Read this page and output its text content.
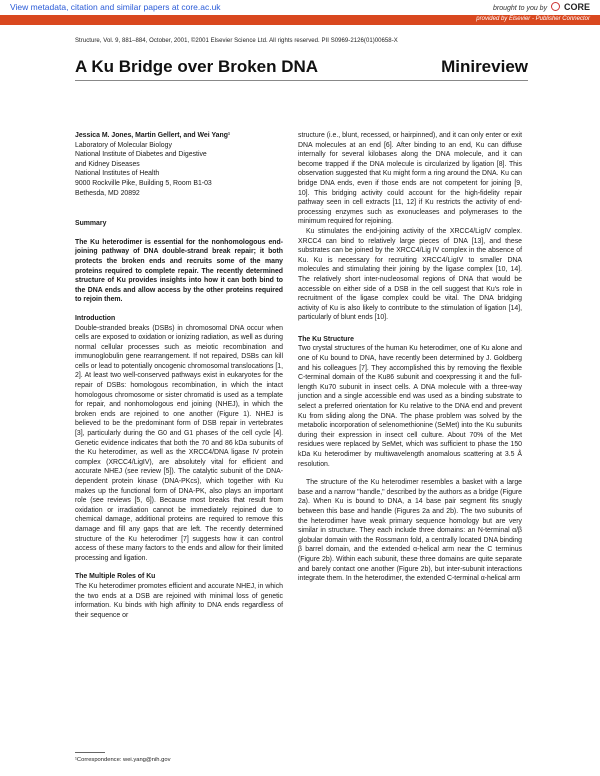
View metadata, citation and similar papers at core.ac.uk	brought to you by CORE
provided by Elsevier - Publisher Connector
Structure, Vol. 9, 881–884, October, 2001, ©2001 Elsevier Science Ltd. All rights reserved. PII S0969-2126(01)00658-X
A Ku Bridge over Broken DNA	Minireview

Jessica M. Jones, Martin Gellert, and Wei Yang¹

Laboratory of Molecular Biology

National Institute of Diabetes and Digestive

and Kidney Diseases

National Institutes of Health

9000 Rockville Pike, Building 5, Room B1-03

Bethesda, MD 20892

Summary

The Ku heterodimer is essential for the nonhomologous end-joining pathway of DNA double-strand break repair; it both protects the broken ends and recruits some of the many proteins required to complete repair. The recently determined structure of Ku provides insights into how it can both bind to the DNA ends and allow access by the other proteins required to rejoin them.

Introduction

Double-stranded breaks (DSBs) in chromosomal DNA occur when cells are exposed to oxidation or ionizing radiation, as well as during normal cellular processes such as meiotic recombination and immunoglobulin gene rearrangement. If not repaired, DSBs can kill cells or lead to potentially oncogenic chromosomal translocations [1, 2]. At least two well-conserved pathways exist in eukaryotes for the repair of DSBs: homologous recombination, in which the intact homologous chromosome or sister chromatid is used as a template for repair, and nonhomologous end joining (NHEJ), in which the broken ends are rejoined to one another (Figure 1). NHEJ is believed to be the predominant form of DSB repair in vertebrates [3], particularly during the G0 and G1 phases of the cell cycle [4]. Genetic evidence indicates that both the 70 and 86 kDa subunits of the Ku heterodimer, as well as the XRCC4/DNA ligase IV protein complex (XRCC4/LigIV), are absolutely vital for efficient and accurate NHEJ (see review [5]). The catalytic subunit of the DNA-dependent protein kinase (DNA-PKcs), which together with Ku makes up the functional form of DNA-PK, also plays an important role (see reviews [5, 6]). Because most breaks that result from oxidation or irradiation cannot be immediately rejoined due to chemical damage, additional proteins are required to remove this damage and fill any gaps that are left. The recently determined structure of the Ku heterodimer [7] suggests how it can control access of these many factors to the ends and allow for their limited processing and ligation.

The Multiple Roles of Ku

The Ku heterodimer promotes efficient and accurate NHEJ, in which the two ends at a DSB are rejoined with minimal loss of genetic information. Ku binds with high affinity to DNA ends regardless of their sequence or

structure (i.e., blunt, recessed, or hairpinned), and it can only enter or exit DNA molecules at an end [6]. After binding to an end, Ku can diffuse internally for several kilobases along the DNA molecule, and it can become trapped if the DNA molecule is circularized by ligation [8]. This observation suggested that Ku might form a ring around the DNA. Ku can bridge DNA ends, even if those ends are not competent for joining [9, 10]. This bridging activity could account for the high-fidelity repair pathway seen in cell extracts [11, 12] if Ku restricts the activity of end-processing enzymes such as exonucleases and polymerases to the minimum required for rejoining.

Ku stimulates the end-joining activity of the XRCC4/LigIV complex. XRCC4 can bind to relatively large pieces of DNA [13], and these substrates can be joined by the XRCC4/Lig IV complex in the absence of Ku. Ku is necessary for recruiting XRCC4/LigIV to smaller DNA molecules and stimulating their joining by the ligase complex [10, 14]. The relatively short inter-nucleosomal regions of DNA that would be accessible on either side of a DSB in the cell suggest that Ku's role in recruitment of the ligase complex could be vital. The DNA bridging activity of Ku is also likely to contribute to the stimulation of ligation [14], particularly of blunt ends [10].

The Ku Structure

Two crystal structures of the human Ku heterodimer, one of Ku alone and one of Ku bound to DNA, have recently been determined by J. Goldberg and his colleagues [7]. They accomplished this by removing the flexible C-terminal domain of the Ku86 subunit and coexpressing it and the full-length Ku70 subunit in insect cells. A DNA molecule with a three-way junction and a single accessible end was used as a binding substrate to select a preferred orientation for Ku relative to the DNA end and prevent Ku from sliding along the DNA. The phase problem was solved by the metabolic incorporation of selenomethionine (SeMet) into the Ku subunits during their expression in insect cell culture. About 70% of the Met residues were replaced by SeMet, which was sufficient to phase the 150 kDa Ku heterodimer by multiwavelength anomalous scattering at 3.5 Å resolution.

The structure of the Ku heterodimer resembles a basket with a large base and a narrow "handle," described by the authors as a bridge (Figure 2a). When Ku is bound to DNA, a 14 base pair segment fits snugly between this base and handle (Figures 2a and 2b). The two subunits of the heterodimer have weak primary sequence homology but are very similar in structure. They each include three domains: an N-terminal α/β globular domain with the Rossmann fold, a centrally located DNA binding β barrel domain, and the extended α-helical arm near the C terminus (Figure 2b). Within each subunit, these three domains are quite separate and barely contact one another (Figure 2b), but inter-subunit interactions integrate them. In the heterodimer, the extended C-terminal α-helical arm

¹Correspondence: wei.yang@nih.gov
